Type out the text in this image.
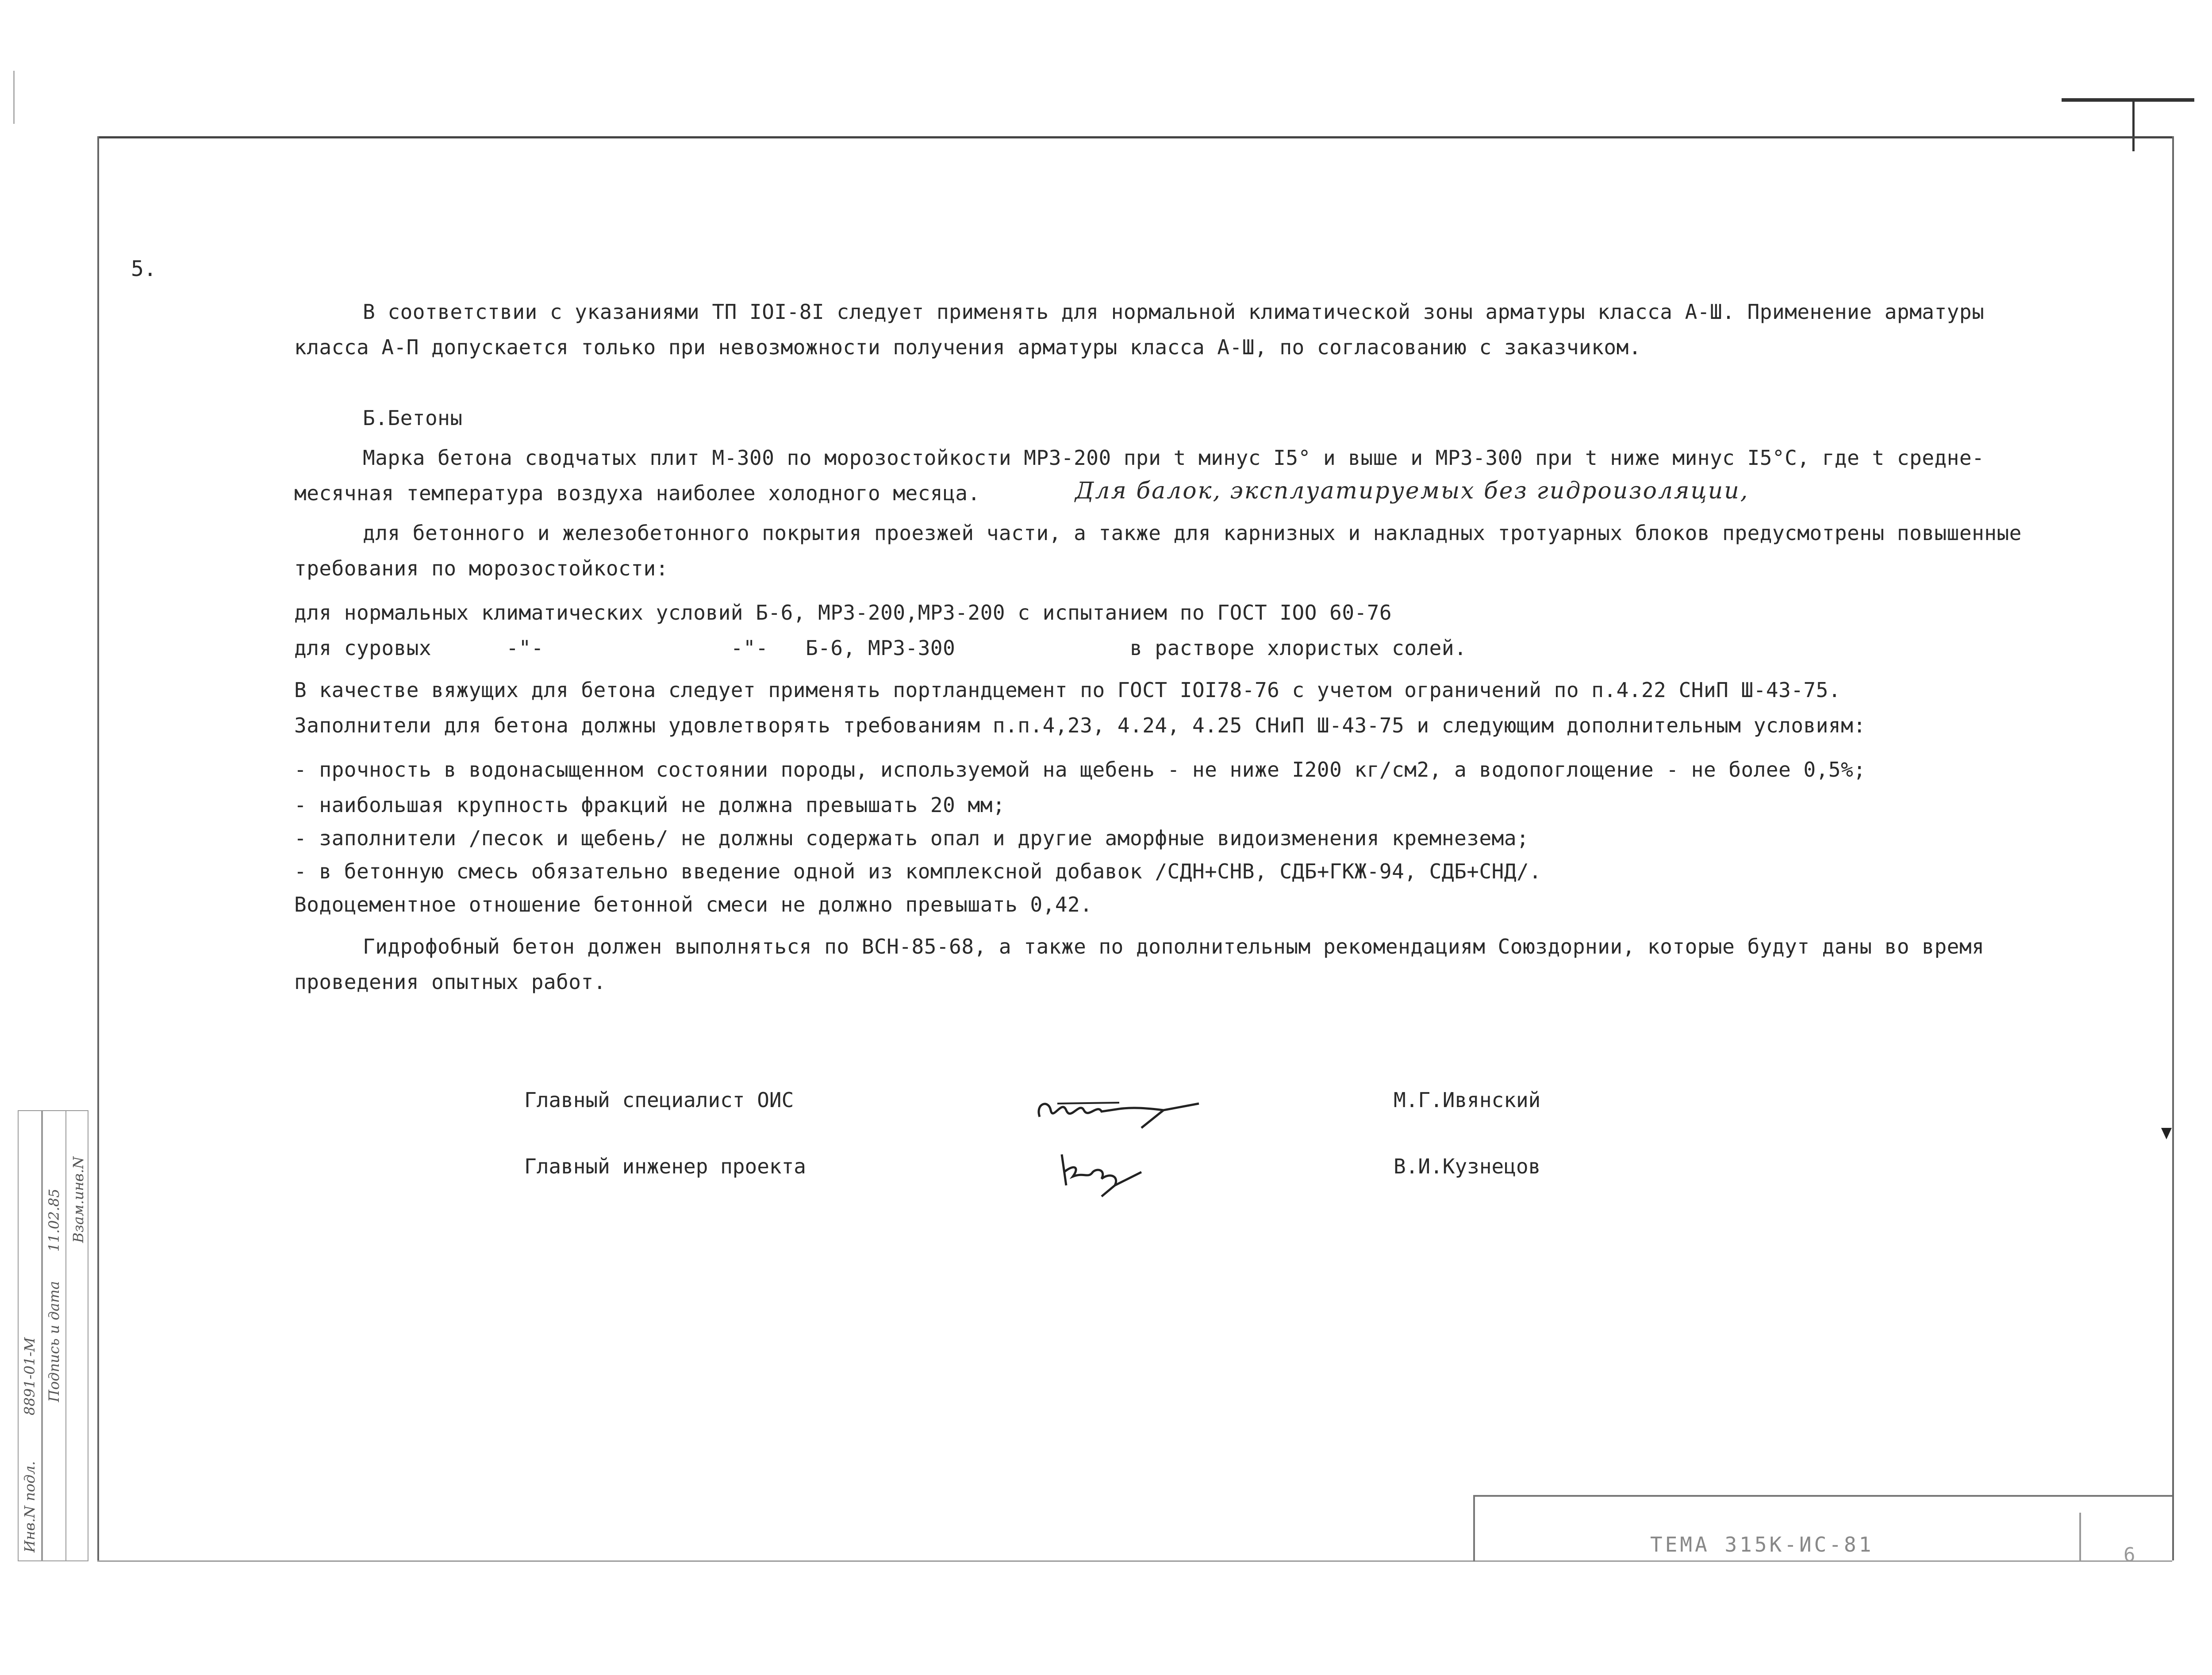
5.
В соответствии с указаниями ТП IOI-8I следует применять для нормальной климатической зоны арматуры класса А-Ш. Применение арматуры
класса А-П допускается только при невозможности получения арматуры класса А-Ш, по согласованию с заказчиком.
Б.Бетоны
Марка бетона сводчатых плит М-300 по морозостойкости МРЗ-200 при t минус I5° и выше и МРЗ-300 при t ниже минус I5°С, где t средне-
месячная температура воздуха наиболее холодного месяца.	Для балок, эксплуатируемых без гидроизоляции,
для бетонного и железобетонного покрытия проезжей части, а также для карнизных и накладных тротуарных блоков предусмотрены повышенные
требования по морозостойкости:
для нормальных климатических условий Б-6, МРЗ-200,МРЗ-200 с испытанием по ГОСТ IOO 60-76
для суровых      -"-               -"-   Б-6, МРЗ-300              в растворе хлористых солей.
В качестве вяжущих для бетона следует применять портландцемент по ГОСТ IOI78-76 с учетом ограничений по п.4.22 СНиП Ш-43-75.
Заполнители для бетона должны удовлетворять требованиям п.п.4,23, 4.24, 4.25 СНиП Ш-43-75 и следующим дополнительным условиям:
- прочность в водонасыщенном состоянии породы, используемой на щебень - не ниже I200 кг/см2, а водопоглощение - не более 0,5%;
- наибольшая крупность фракций не должна превышать 20 мм;
- заполнители /песок и щебень/ не должны содержать опал и другие аморфные видоизменения кремнезема;
- в бетонную смесь обязательно введение одной из комплексной добавок /СДН+СНВ, СДБ+ГКЖ-94, СДБ+СНД/.
Водоцементное отношение бетонной смеси не должно превышать 0,42.
Гидрофобный бетон должен выполняться по ВСН-85-68, а также по дополнительным рекомендациям Союздорнии, которые будут даны во время
проведения опытных работ.
Главный специалист ОИС	М.Г.Ивянский
Главный инженер проекта	В.И.Кузнецов
Инв.N подл.
Подпись и дата
Взам.инв.N
8891-01-М
11.02.85
ТЕМА 315К-ИС-81	6
